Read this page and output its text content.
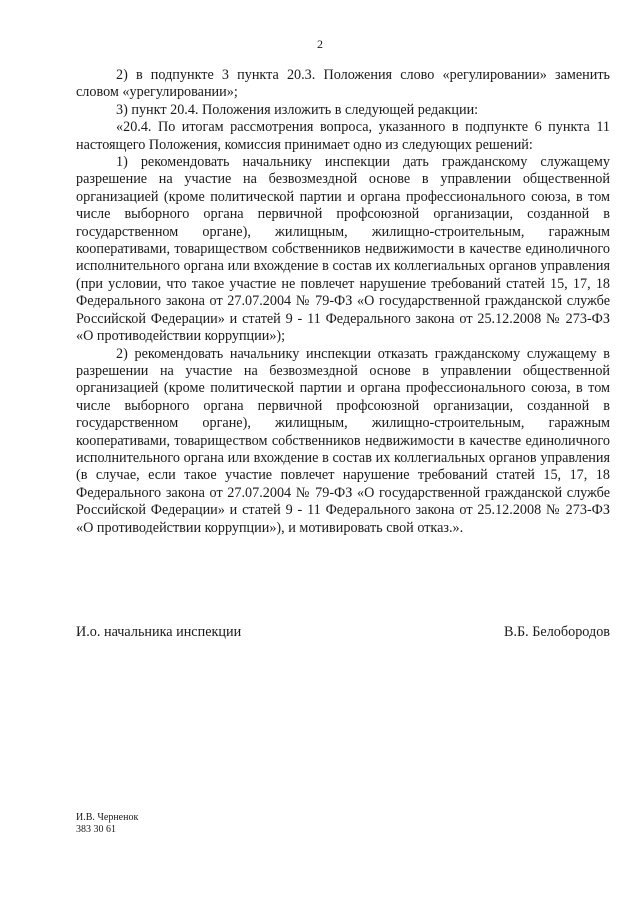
2

2) в подпункте 3 пункта 20.3. Положения слово «регулировании» заменить словом «урегулировании»;

3) пункт 20.4. Положения изложить в следующей редакции:

«20.4. По итогам рассмотрения вопроса, указанного в подпункте 6 пункта 11 настоящего Положения, комиссия принимает одно из следующих решений:

1) рекомендовать начальнику инспекции дать гражданскому служащему разрешение на участие на безвозмездной основе в управлении общественной организацией (кроме политической партии и органа профессионального союза, в том числе выборного органа первичной профсоюзной организации, созданной в государственном органе), жилищным, жилищно-строительным, гаражным кооперативами, товариществом собственников недвижимости в качестве единоличного исполнительного органа или вхождение в состав их коллегиальных органов управления (при условии, что такое участие не повлечет нарушение требований статей 15, 17, 18 Федерального закона от 27.07.2004 № 79-ФЗ «О государственной гражданской службе Российской Федерации» и статей 9 - 11 Федерального закона от 25.12.2008 № 273-ФЗ «О противодействии коррупции»);

2) рекомендовать начальнику инспекции отказать гражданскому служащему в разрешении на участие на безвозмездной основе в управлении общественной организацией (кроме политической партии и органа профессионального союза, в том числе выборного органа первичной профсоюзной организации, созданной в государственном органе), жилищным, жилищно-строительным, гаражным кооперативами, товариществом собственников недвижимости в качестве единоличного исполнительного органа или вхождение в состав их коллегиальных органов управления (в случае, если такое участие повлечет нарушение требований статей 15, 17, 18 Федерального закона от 27.07.2004 № 79-ФЗ «О государственной гражданской службе Российской Федерации» и статей 9 - 11 Федерального закона от 25.12.2008 № 273-ФЗ «О противодействии коррупции»), и мотивировать свой отказ.».

И.о. начальника инспекции	В.Б. Белобородов
И.В. Черненок
383 30 61
